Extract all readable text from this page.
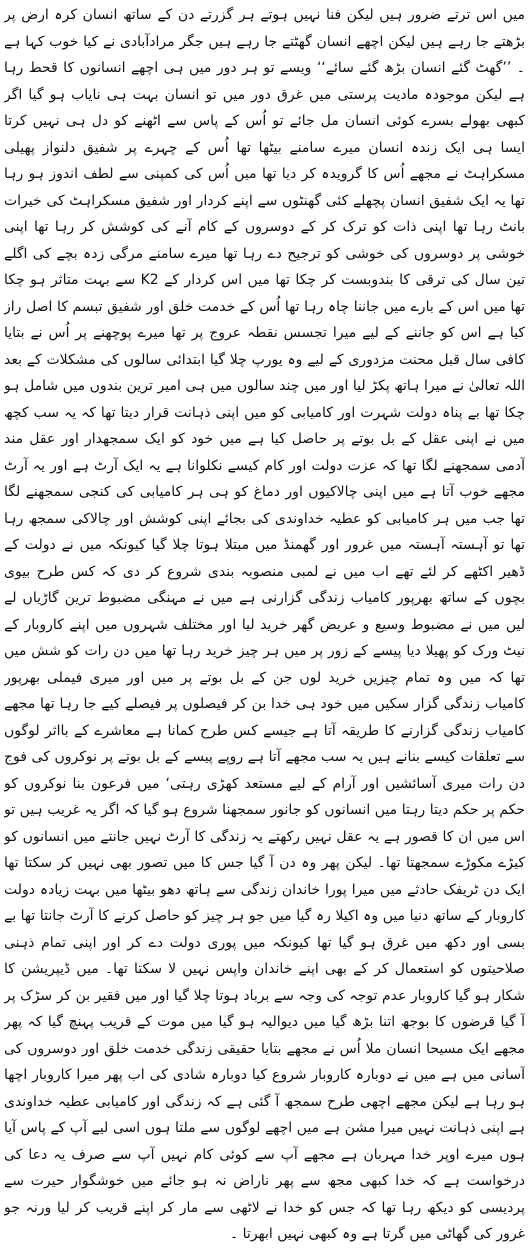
میں اس ترتے ضرور ہیں لیکن فنا نہیں ہوتے ہر گزرتے دن کے ساتھ انسان کرہ ارض پر بڑھتے جا رہے ہیں لیکن اچھے انسان گھٹتے جا رہے ہیں جگر مرادآبادی نے کیا خوب کہا ہے ۔ ’’گھٹ گئے انسان بڑھ گئے سائے‘‘ ویسے تو ہر دور میں ہی اچھے انسانوں کا قحط رہا ہے لیکن موجودہ مادیت پرستی میں غرق دور میں تو انسان بہت ہی نایاب ہو گیا اگر کبھی بھولے بسرے کوئی انسان مل جائے تو اُس کے پاس سے اٹھنے کو دل ہی نہیں کرتا ایسا ہی ایک زندہ انسان میرے سامنے بیٹھا تھا اُس کے چہرے پر شفیق دلنواز پھیلی مسکراہٹ نے مجھے اُس کا گرویدہ کر دیا تھا میں اُس کی کمپنی سے لطف اندوز ہو رہا تھا یہ ایک شفیق انسان پچھلے کئی گھنٹوں سے اپنے کردار اور شفیق مسکراہٹ کی خیرات بانٹ رہا تھا اپنی ذات کو ترک کر کے دوسروں کے کام آنے کی کوشش کر رہا تھا اپنی خوشی پر دوسروں کی خوشی کو ترجیح دے رہا تھا میرے سامنے مرگی زدہ بچے کی اگلے تین سال کی ترقی کا بندوبست کر چکا تھا میں اس کردار کے K2 سے بہت متاثر ہو چکا تھا میں اس کے بارے میں جاننا چاہ رہا تھا اُس کے خدمت خلق اور شفیق تبسم کا اصل راز کیا ہے اس کو جاننے کے لیے میرا تجسس نقطہ عروج پر تھا میرے پوچھنے پر اُس نے بتایا کافی سال قبل محنت مزدوری کے لیے وہ یورپ چلا گیا ابتدائی سالوں کی مشکلات کے بعد اللہ تعالیٰ نے میرا ہاتھ پکڑ لیا اور میں چند سالوں میں ہی امیر ترین بندوں میں شامل ہو چکا تھا بے پناہ دولت شہرت اور کامیابی کو میں اپنی ذہانت قرار دیتا تھا کہ یہ سب کچھ میں نے اپنی عقل کے بل بوتے پر حاصل کیا ہے میں خود کو ایک سمجھدار اور عقل مند آدمی سمجھنے لگا تھا کہ عزت دولت اور کام کیسے نکلوانا ہے یہ ایک آرٹ ہے اور یہ آرٹ مجھے خوب آتا ہے میں اپنی چالاکیوں اور دماغ کو ہی ہر کامیابی کی کنجی سمجھنے لگا تھا جب میں ہر کامیابی کو عطیہ خداوندی کی بجائے اپنی کوشش اور چالاکی سمجھ رہا تھا تو آہستہ آہستہ میں غرور اور گھمنڈ میں مبتلا ہوتا چلا گیا کیونکہ میں نے دولت کے ڈھیر اکٹھے کر لئے تھے اب میں نے لمبی منصوبہ بندی شروع کر دی کہ کس طرح بیوی بچوں کے ساتھ بھرپور کامیاب زندگی گزارنی ہے میں نے مہنگی مضبوط ترین گاڑیاں لے لیں میں نے مضبوط وسیع و عریض گھر خرید لیا اور مختلف شہروں میں اپنے کاروبار کے نیٹ ورک کو پھیلا دیا پیسے کے زور پر میں ہر چیز خرید رہا تھا میں دن رات کو شش میں تھا کہ میں وہ تمام چیزیں خرید لوں جن کے بل بوتے پر میں اور میری فیملی بھرپور کامیاب زندگی گزار سکیں میں خود ہی خدا بن کر فیصلوں پر فیصلے کیے جا رہا تھا مجھے کامیاب زندگی گزارنے کا طریقہ آتا ہے جیسے کس طرح کمانا ہے معاشرے کے بااثر لوگوں سے تعلقات کیسے بنانے ہیں یہ سب مجھے آتا ہے روپے پیسے کے بل بوتے پر نوکروں کی فوج دن رات میری آسائشیں اور آرام کے لیے مستعد کھڑی رہتی‘ میں فرعون بنا نوکروں کو حکم پر حکم دیتا رہتا میں انسانوں کو جانور سمجھنا شروع ہو گیا کہ اگر یہ غریب ہیں تو اس میں ان کا قصور ہے یہ عقل نہیں رکھتے یہ زندگی کا آرٹ نہیں جانتے میں انسانوں کو کیڑے مکوڑے سمجھتا تھا۔ لیکن پھر وہ دن آ گیا جس کا میں تصور بھی نہیں کر سکتا تھا ایک دن ٹریفک حادثے میں میرا پورا خاندان زندگی سے ہاتھ دھو بیٹھا میں بہت زیادہ دولت کاروبار کے ساتھ دنیا میں وہ اکیلا رہ گیا میں جو ہر چیز کو حاصل کرنے کا آرٹ جانتا تھا بے بسی اور دکھ میں غرق ہو گیا تھا کیونکہ میں پوری دولت دے کر اور اپنی تمام ذہنی صلاحیتوں کو استعمال کر کے بھی اپنے خاندان واپس نہیں لا سکتا تھا۔ میں ڈیپریشن کا شکار ہو گیا کاروبار عدم توجہ کی وجہ سے برباد ہوتا چلا گیا اور میں فقیر بن کر سڑک پر آ گیا قرضوں کا بوجھ اتنا بڑھ گیا میں دیوالیہ ہو گیا میں موت کے قریب پہنچ گیا کہ پھر مجھے ایک مسیحا انسان ملا اُس نے مجھے بتایا حقیقی زندگی خدمت خلق اور دوسروں کی آسانی میں ہے میں نے دوبارہ کاروبار شروع کیا دوبارہ شادی کی اب پھر میرا کاروبار اچھا ہو رہا ہے لیکن مجھے اچھی طرح سمجھ آ گئی ہے کہ زندگی اور کامیابی عطیہ خداوندی ہے اپنی ذہانت نہیں میرا مشن ہے میں اچھے لوگوں سے ملتا ہوں اسی لیے آپ کے پاس آیا ہوں میرے اوپر خدا مہربان ہے مجھے آپ سے کوئی کام نہیں آپ سے صرف یہ دعا کی درخواست ہے کہ خدا کبھی مجھ سے پھر ناراض نہ ہو جائے میں خوشگوار حیرت سے پردیسی کو دیکھ رہا تھا کہ جس کو خدا نے لاٹھی سے مار کر اپنے قریب کر لیا ورنہ جو غرور کی گھاٹی میں گرتا ہے وہ کبھی نہیں ابھرتا ۔
